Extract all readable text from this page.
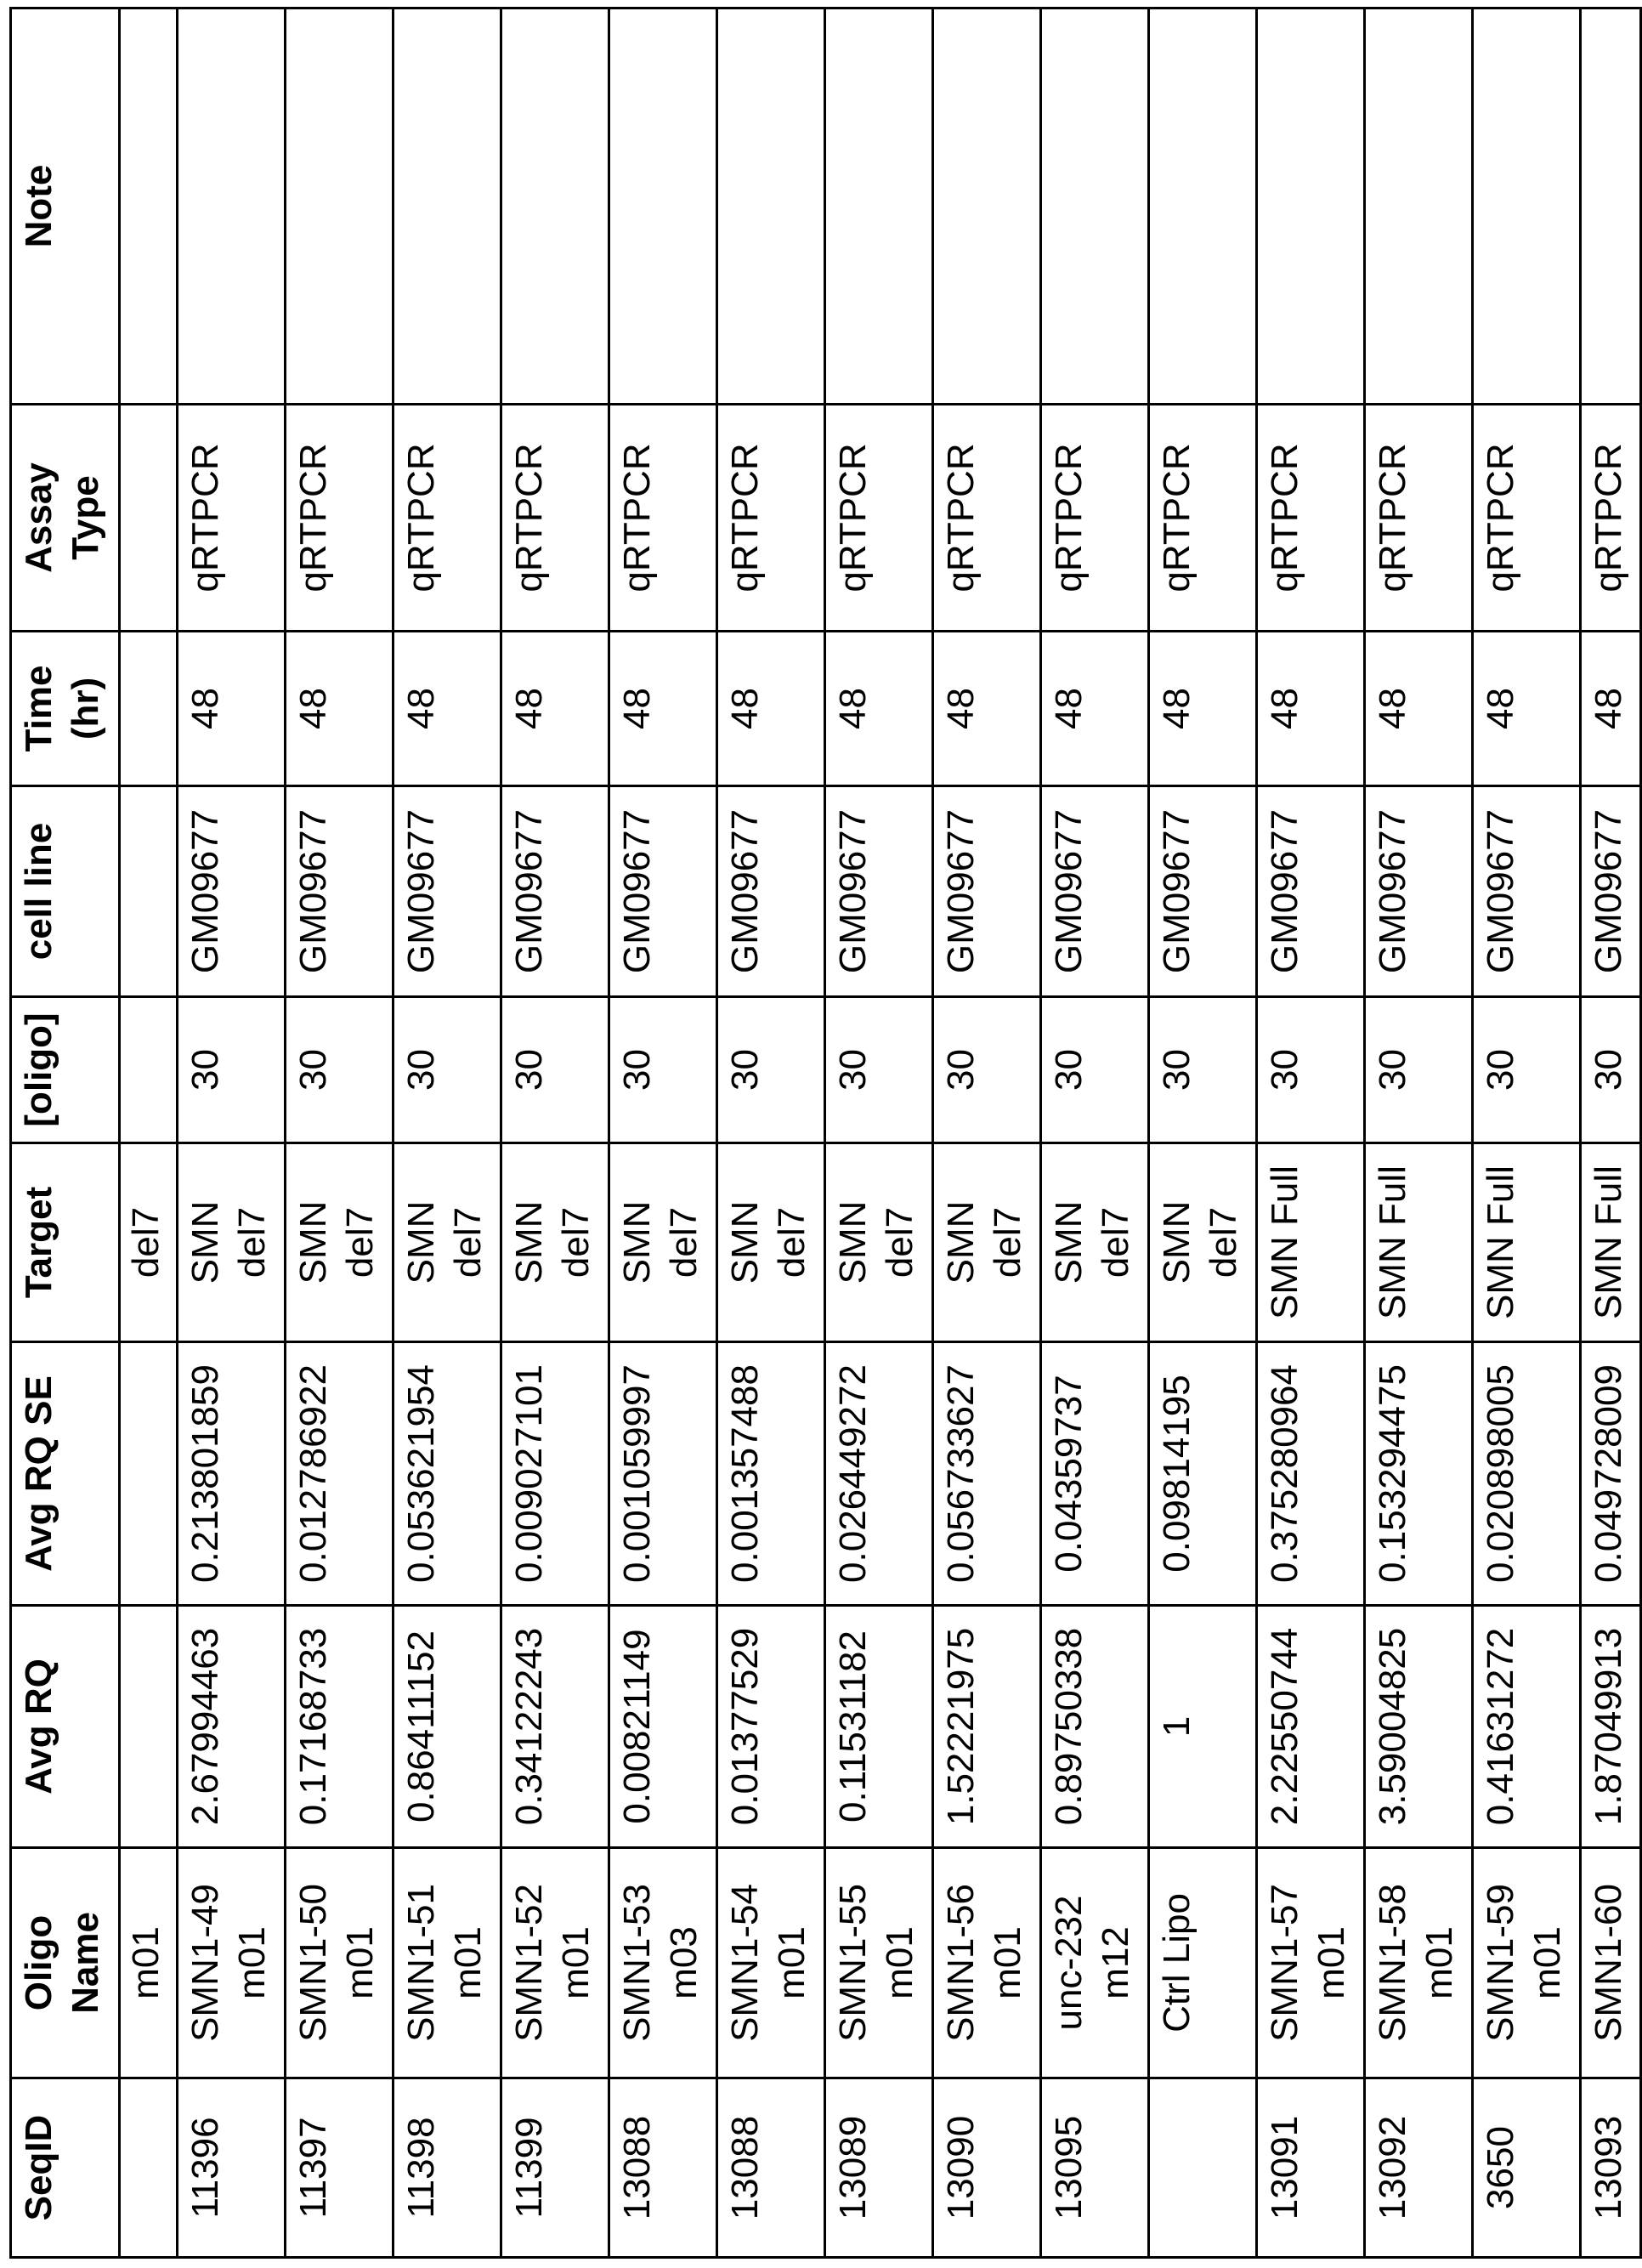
SeqID	Oligo
Name	Avg RQ	Avg RQ SE	Target	[oligo]	cell line	Time
(hr)	Assay
Type	Note
	m01			del7					
11396	SMN1-49
m01	2.67994463	0.213801859	SMN
del7	30	GM09677	48	qRTPCR	
11397	SMN1-50
m01	0.17168733	0.012786922	SMN
del7	30	GM09677	48	qRTPCR	
11398	SMN1-51
m01	0.86411152	0.053621954	SMN
del7	30	GM09677	48	qRTPCR	
11399	SMN1-52
m01	0.34122243	0.009027101	SMN
del7	30	GM09677	48	qRTPCR	
13088	SMN1-53
m03	0.00821149	0.001059997	SMN
del7	30	GM09677	48	qRTPCR	
13088	SMN1-54
m01	0.01377529	0.001357488	SMN
del7	30	GM09677	48	qRTPCR	
13089	SMN1-55
m01	0.11531182	0.026449272	SMN
del7	30	GM09677	48	qRTPCR	
13090	SMN1-56
m01	1.52221975	0.056733627	SMN
del7	30	GM09677	48	qRTPCR	
13095	unc-232
m12	0.89750338	0.04359737	SMN
del7	30	GM09677	48	qRTPCR	
	Ctrl Lipo	1	0.09814195	SMN
del7	30	GM09677	48	qRTPCR	
13091	SMN1-57
m01	2.22550744	0.375280964	SMN Full	30	GM09677	48	qRTPCR	
13092	SMN1-58
m01	3.59004825	0.153294475	SMN Full	30	GM09677	48	qRTPCR	
3650	SMN1-59
m01	0.41631272	0.020898005	SMN Full	30	GM09677	48	qRTPCR	
13093	SMN1-60	1.87049913	0.049728009	SMN Full	30	GM09677	48	qRTPCR	
